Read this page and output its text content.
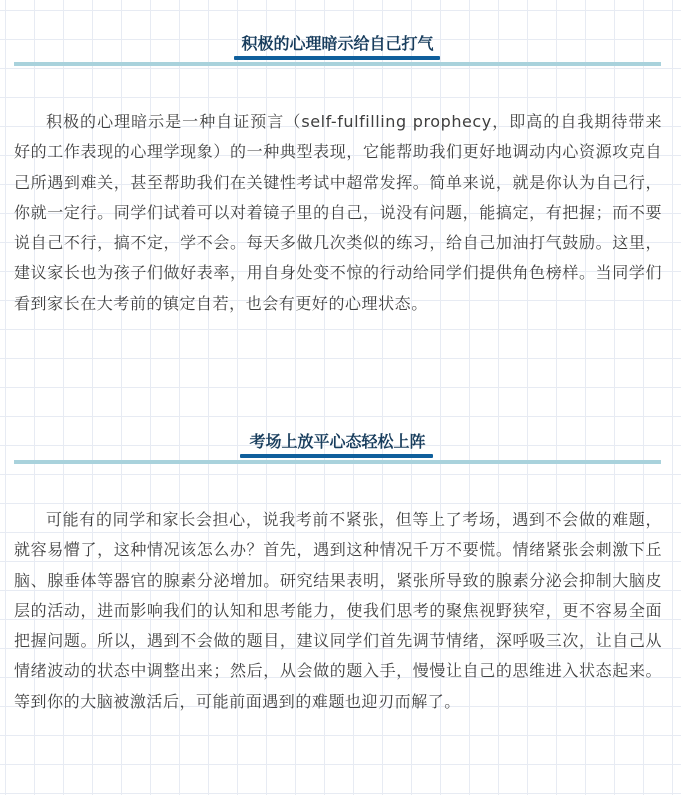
积极的心理暗示给自己打气

积极的心理暗示是一种自证预言（self-fulfilling prophecy，即高的自我期待带来好的工作表现的心理学现象）的一种典型表现，它能帮助我们更好地调动内心资源攻克自己所遇到难关，甚至帮助我们在关键性考试中超常发挥。简单来说，就是你认为自己行，你就一定行。同学们试着可以对着镜子里的自己，说没有问题，能搞定，有把握；而不要说自己不行，搞不定，学不会。每天多做几次类似的练习，给自己加油打气鼓励。这里，建议家长也为孩子们做好表率，用自身处变不惊的行动给同学们提供角色榜样。当同学们看到家长在大考前的镇定自若，也会有更好的心理状态。

考场上放平心态轻松上阵

可能有的同学和家长会担心，说我考前不紧张，但等上了考场，遇到不会做的难题，就容易懵了，这种情况该怎么办？首先，遇到这种情况千万不要慌。情绪紧张会刺激下丘脑、腺垂体等器官的腺素分泌增加。研究结果表明，紧张所导致的腺素分泌会抑制大脑皮层的活动，进而影响我们的认知和思考能力，使我们思考的聚焦视野狭窄，更不容易全面把握问题。所以，遇到不会做的题目，建议同学们首先调节情绪，深呼吸三次，让自己从情绪波动的状态中调整出来；然后，从会做的题入手，慢慢让自己的思维进入状态起来。等到你的大脑被激活后，可能前面遇到的难题也迎刃而解了。
